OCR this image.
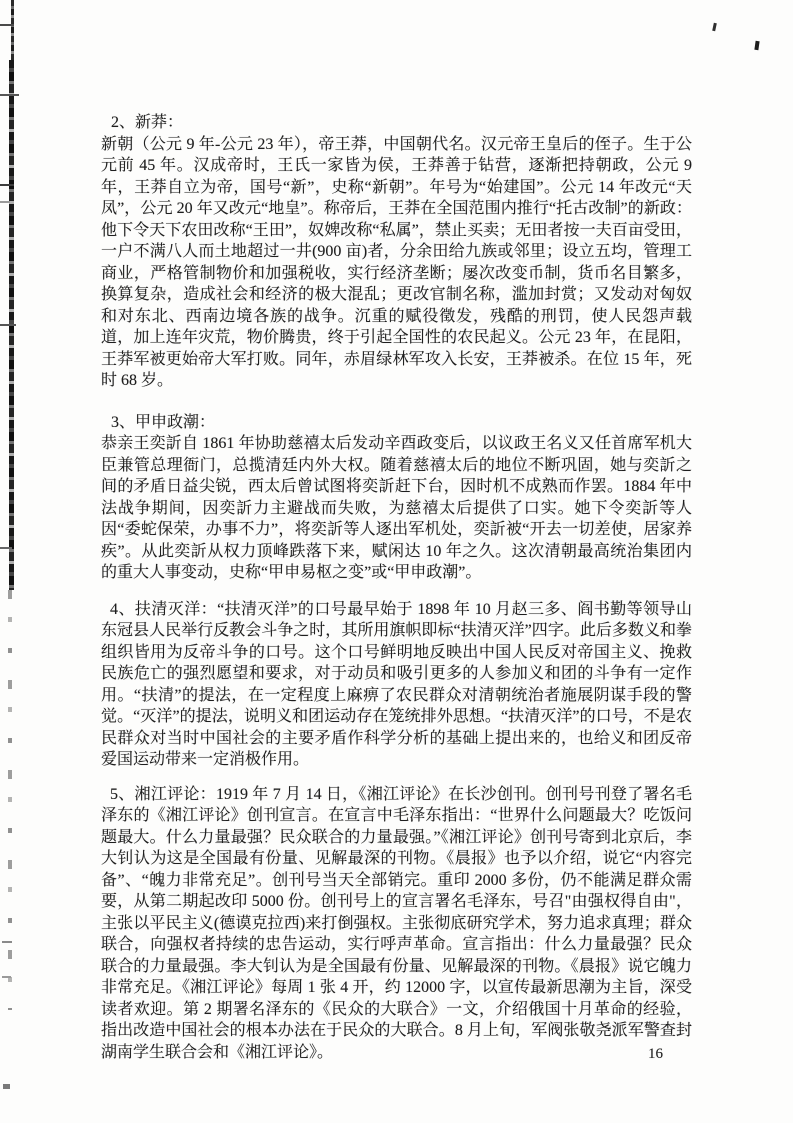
2、新莽：

新朝（公元 9 年-公元 23 年），帝王莽，中国朝代名。汉元帝王皇后的侄子。生于公元前 45 年。汉成帝时，王氏一家皆为侯，王莽善于钻营，逐渐把持朝政，公元 9 年，王莽自立为帝，国号“新”，史称“新朝”。年号为“始建国”。公元 14 年改元“天凤”，公元 20 年又改元“地皇”。称帝后，王莽在全国范围内推行“托古改制”的新政：他下令天下农田改称“王田”，奴婢改称“私属”，禁止买卖；无田者按一夫百亩受田，一户不满八人而土地超过一井(900 亩)者，分余田给九族或邻里；设立五均，管理工商业，严格管制物价和加强税收，实行经济垄断；屡次改变币制，货币名目繁多，换算复杂，造成社会和经济的极大混乱；更改官制名称，滥加封赏；又发动对匈奴和对东北、西南边境各族的战争。沉重的赋役徵发，残酷的刑罚，使人民怨声载道，加上连年灾荒，物价腾贵，终于引起全国性的农民起义。公元 23 年，在昆阳，王莽军被更始帝大军打败。同年，赤眉绿林军攻入长安，王莽被杀。在位 15 年，死时 68 岁。

3、甲申政潮：

恭亲王奕訢自 1861 年协助慈禧太后发动辛酉政变后，以议政王名义又任首席军机大臣兼管总理衙门，总揽清廷内外大权。随着慈禧太后的地位不断巩固，她与奕訢之间的矛盾日益尖锐，西太后曾试图将奕訢赶下台，因时机不成熟而作罢。1884 年中法战争期间，因奕訢力主避战而失败，为慈禧太后提供了口实。她下令奕訢等人因“委蛇保荣，办事不力”，将奕訢等人逐出军机处，奕訢被“开去一切差使，居家养疾”。从此奕訢从权力顶峰跌落下来，赋闲达 10 年之久。这次清朝最高统治集团内的重大人事变动，史称“甲申易枢之变”或“甲申政潮”。

4、扶清灭洋：“扶清灭洋”的口号最早始于 1898 年 10 月赵三多、阎书勤等领导山东冠县人民举行反教会斗争之时，其所用旗帜即标“扶清灭洋”四字。此后多数义和拳组织皆用为反帝斗争的口号。这个口号鲜明地反映出中国人民反对帝国主义、挽救民族危亡的强烈愿望和要求，对于动员和吸引更多的人参加义和团的斗争有一定作用。“扶清”的提法，在一定程度上麻痹了农民群众对清朝统治者施展阴谋手段的警觉。“灭洋”的提法，说明义和团运动存在笼统排外思想。“扶清灭洋”的口号，不是农民群众对当时中国社会的主要矛盾作科学分析的基础上提出来的，也给义和团反帝爱国运动带来一定消极作用。

5、湘江评论：1919 年 7 月 14 日，《湘江评论》在长沙创刊。创刊号刊登了署名毛泽东的《湘江评论》创刊宣言。在宣言中毛泽东指出：“世界什么问题最大？吃饭问题最大。什么力量最强？民众联合的力量最强。”《湘江评论》创刊号寄到北京后，李大钊认为这是全国最有份量、见解最深的刊物。《晨报》也予以介绍，说它“内容完备”、“魄力非常充足”。创刊号当天全部销完。重印 2000 多份，仍不能满足群众需要，从第二期起改印 5000 份。创刊号上的宣言署名毛泽东，号召"由强权得自由"，主张以平民主义(德谟克拉西)来打倒强权。主张彻底研究学术，努力追求真理；群众联合，向强权者持续的忠告运动，实行呼声革命。宣言指出：什么力量最强？民众联合的力量最强。李大钊认为是全国最有份量、见解最深的刊物。《晨报》说它魄力非常充足。《湘江评论》每周 1 张 4 开，约 12000 字，以宣传最新思潮为主旨，深受读者欢迎。第 2 期署名泽东的《民众的大联合》一文，介绍俄国十月革命的经验，指出改造中国社会的根本办法在于民众的大联合。8 月上旬，军阀张敬尧派军警查封湖南学生联合会和《湘江评论》。	16
